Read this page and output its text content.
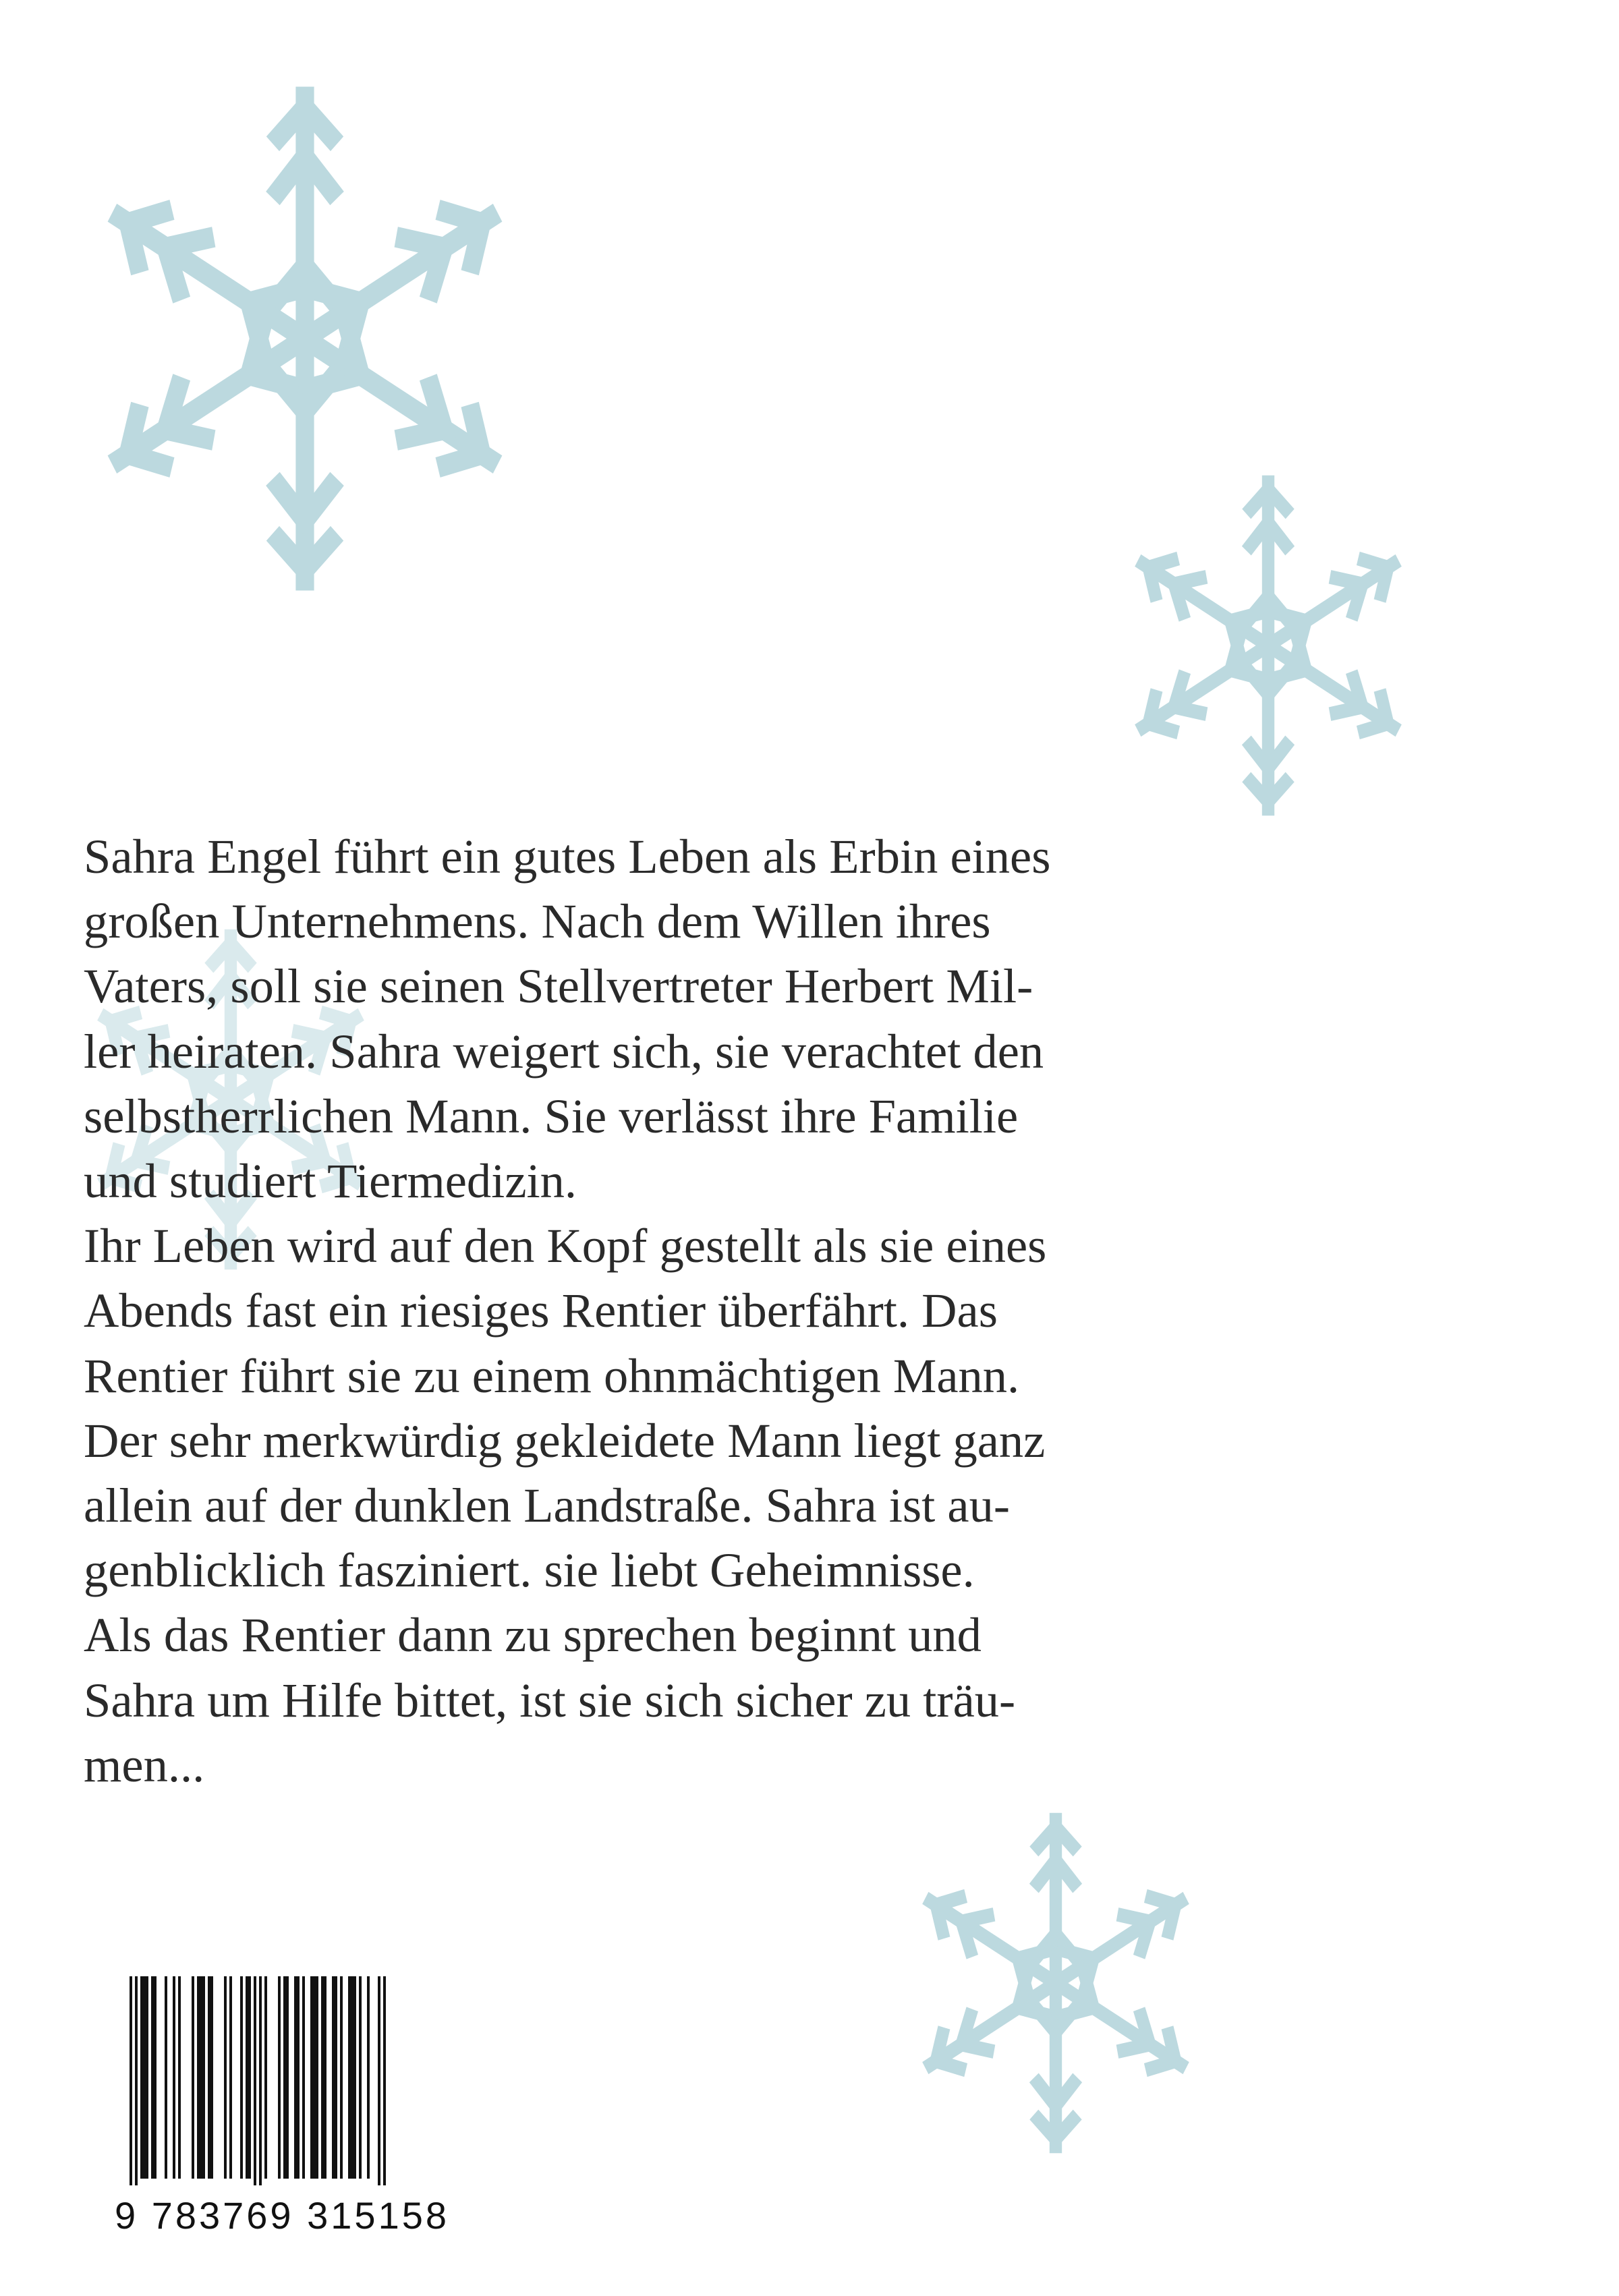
Sahra Engel führt ein gutes Leben als Erbin eines
großen Unternehmens. Nach dem Willen ihres
Vaters, soll sie seinen Stellvertreter Herbert Mil-
ler heiraten. Sahra weigert sich, sie verachtet den
selbstherrlichen Mann. Sie verlässt ihre Familie
und studiert Tiermedizin.
Ihr Leben wird auf den Kopf gestellt als sie eines
Abends fast ein riesiges Rentier überfährt. Das
Rentier führt sie zu einem ohnmächtigen Mann.
Der sehr merkwürdig gekleidete Mann liegt ganz
allein auf der dunklen Landstraße. Sahra ist au-
genblicklich fasziniert. sie liebt Geheimnisse.
Als das Rentier dann zu sprechen beginnt und
Sahra um Hilfe bittet, ist sie sich sicher zu träu-
men...
9 783769 315158
